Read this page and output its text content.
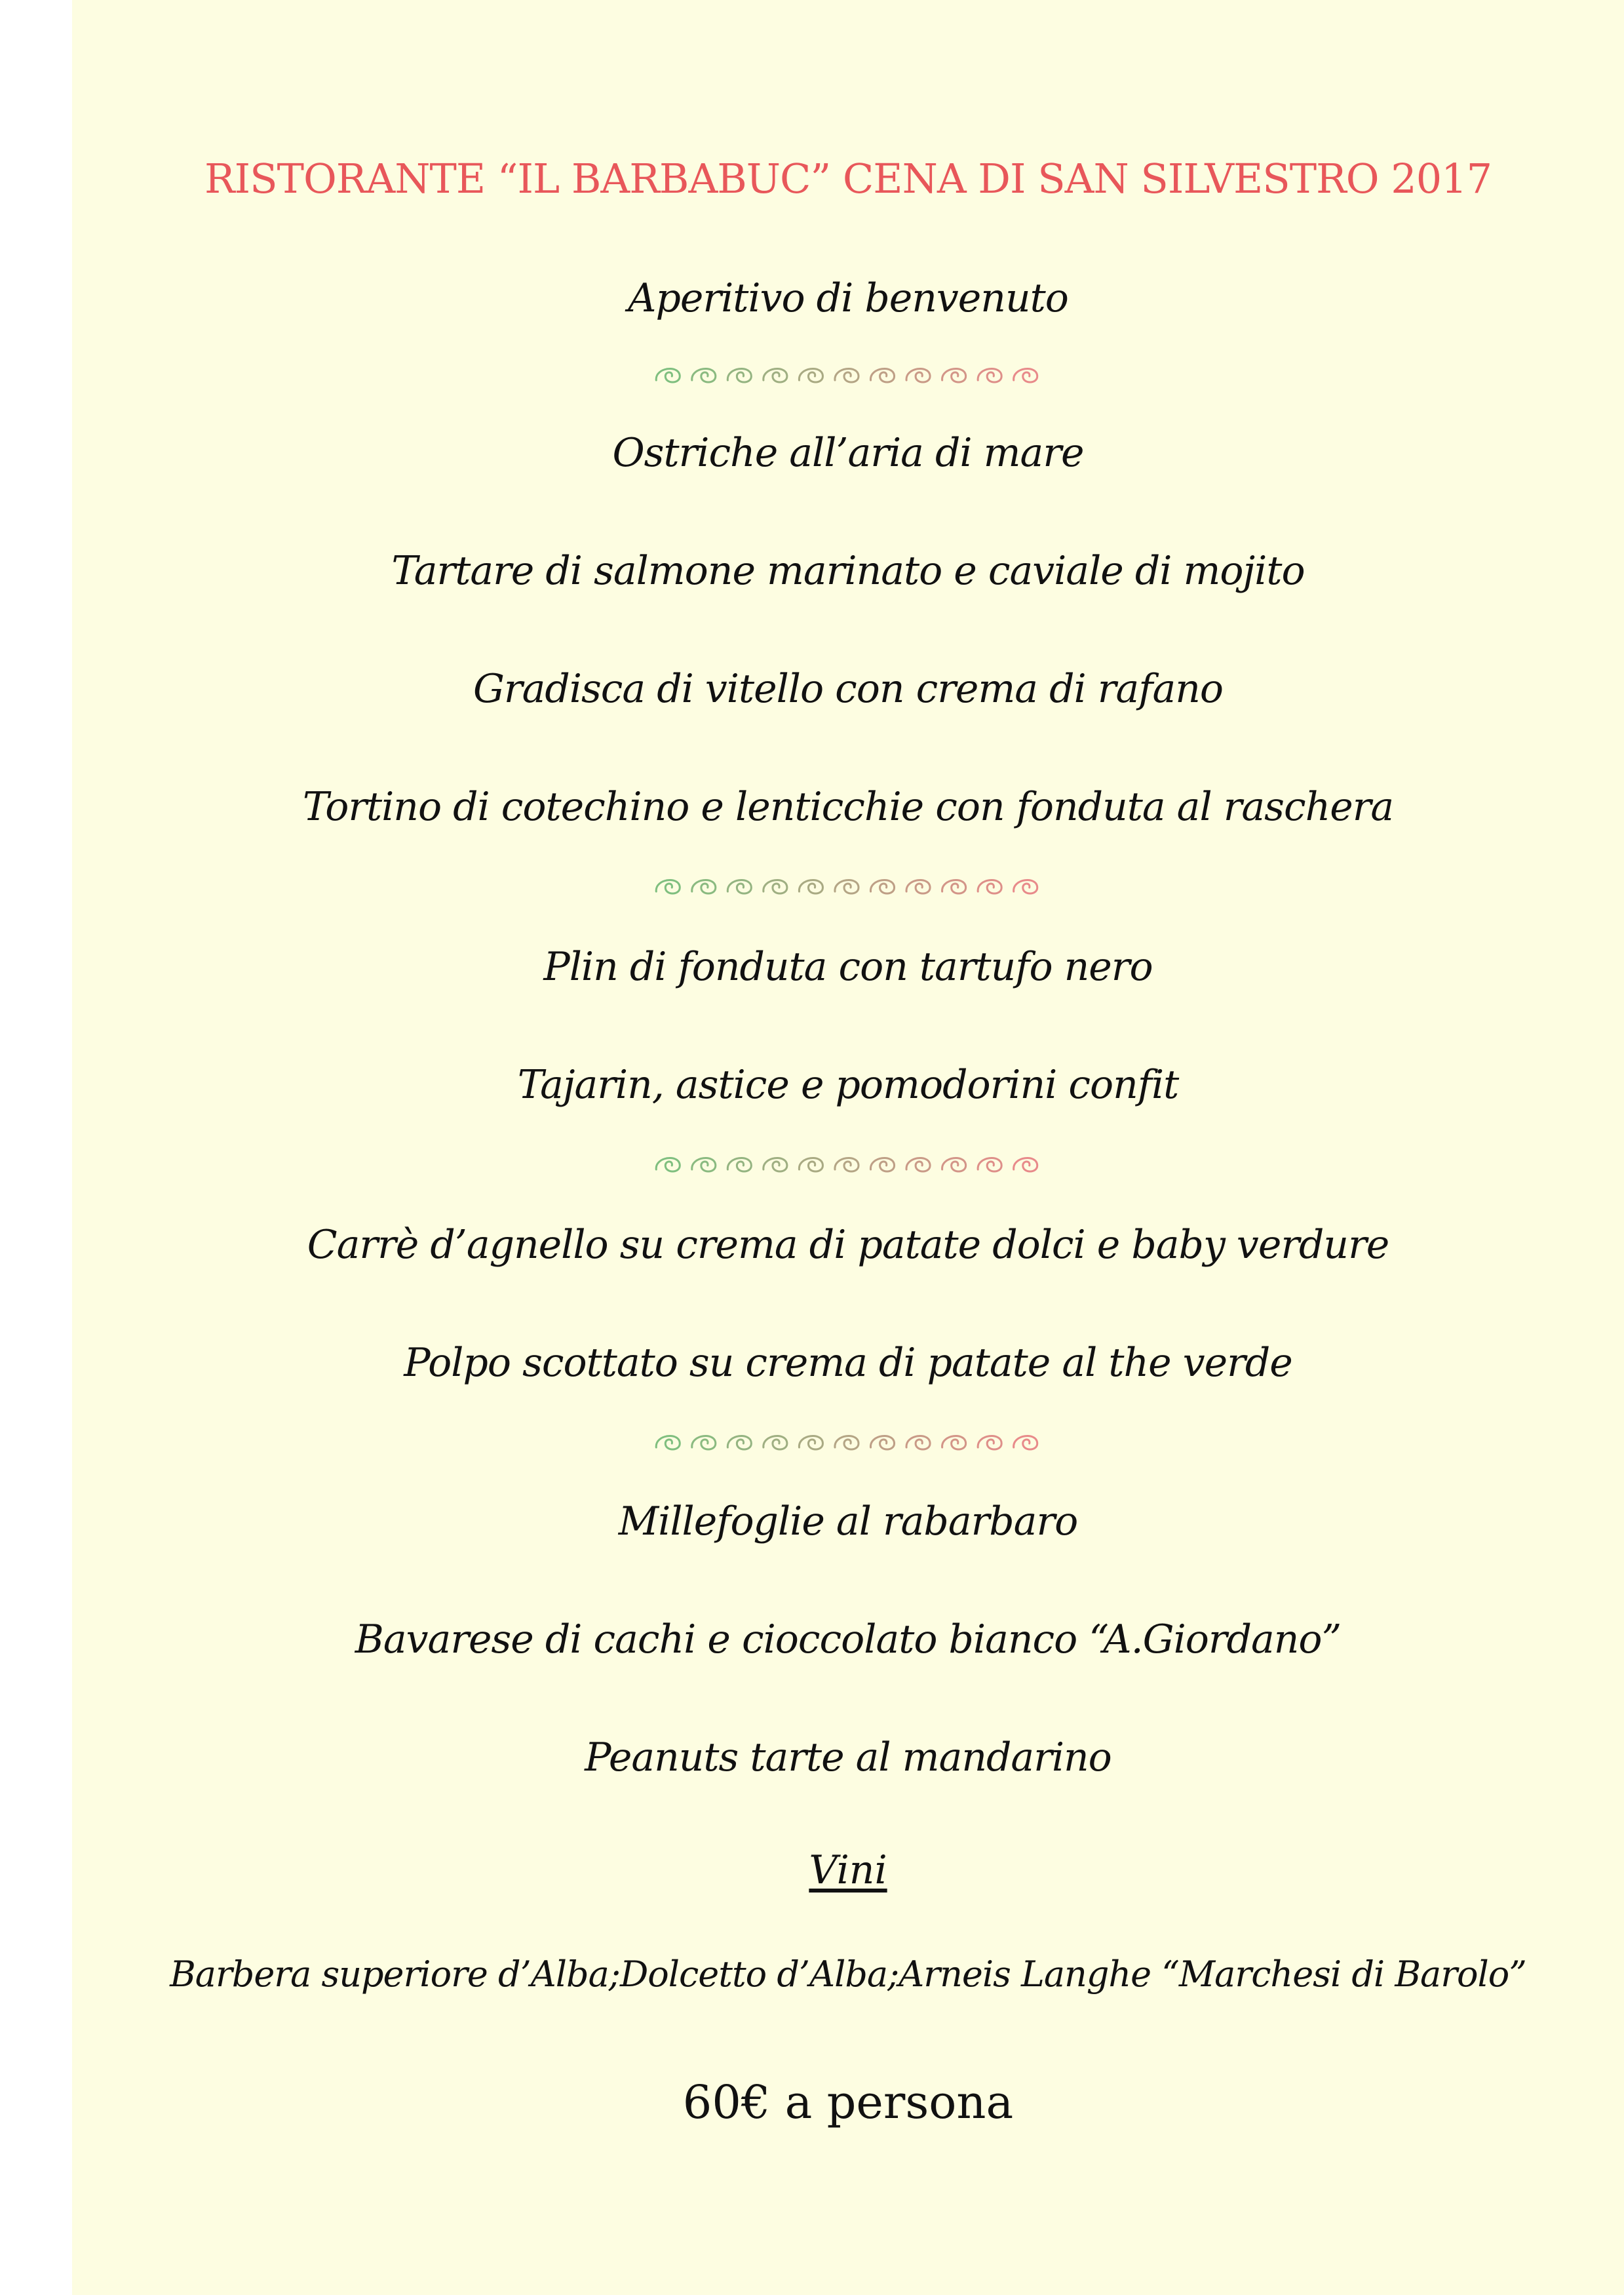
RISTORANTE “IL BARBABUC” CENA DI SAN SILVESTRO 2017
Aperitivo di benvenuto
Ostriche all’aria di mare
Tartare di salmone marinato e caviale di mojito
Gradisca di vitello con crema di rafano
Tortino di cotechino e lenticchie con fonduta al raschera
Plin di fonduta con tartufo nero
Tajarin, astice e pomodorini confit
Carrè d’agnello su crema di patate dolci e baby verdure
Polpo scottato su crema di patate al the verde
Millefoglie al rabarbaro
Bavarese di cachi e cioccolato bianco “A.Giordano”
Peanuts tarte al mandarino
Vini
Barbera superiore d’Alba;Dolcetto d’Alba;Arneis Langhe “Marchesi di Barolo”
60€ a persona
